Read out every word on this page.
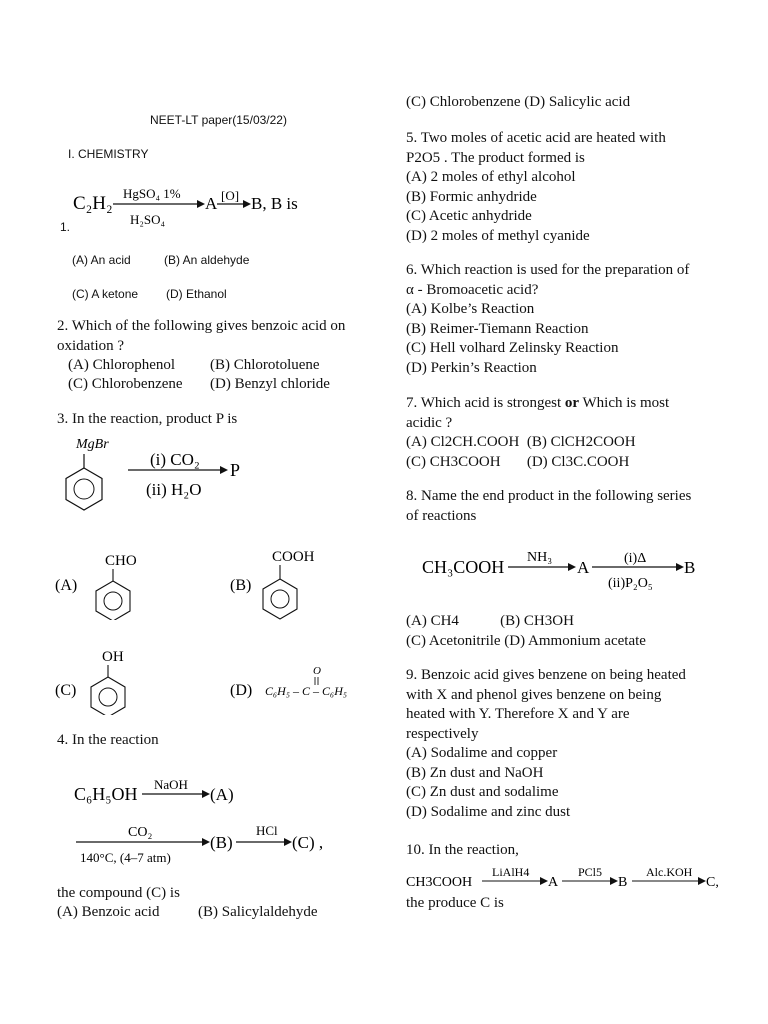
NEET-LT paper(15/03/22)
I. CHEMISTRY
C₂H₂ HgSO₄ 1%
H₂SO₄
A [O] B, B is
1.
(A) An acid	(B) An aldehyde
(C) A ketone (D) Ethanol
2. Which of the following gives benzoic acid on
oxidation ?
(A) Chlorophenol (B) Chlorotoluene
(C) Chlorobenzene (D) Benzyl chloride
3. In the reaction, product P is
MgBr
(i) CO₂
P
(ii) H₂O
(A)
CHO
(B)
COOH
(C)
OH
(D)
O
C₆H₅ – C – C₆H₅
4. In the reaction
C₆H₅OH NaOH
(A)
CO₂
140°C, (4–7 atm)
(B)
HCl
(C) ,
the compound (C) is
(A) Benzoic acid	(B) Salicylaldehyde
(C) Chlorobenzene (D) Salicylic acid
5. Two moles of acetic acid are heated with
P2O5 . The product formed is
(A) 2 moles of ethyl alcohol
(B) Formic anhydride
(C) Acetic anhydride
(D) 2 moles of methyl cyanide
6. Which reaction is used for the preparation of
α - Bromoacetic acid?
(A) Kolbe’s Reaction
(B) Reimer-Tiemann Reaction
(C) Hell volhard Zelinsky Reaction
(D) Perkin’s Reaction
7. Which acid is strongest or Which is most
acidic ?
(A) Cl2CH.COOH  (B) ClCH2COOH
(C) CH3COOH       (D) Cl3C.COOH
8. Name the end product in the following series
of reactions
CH₃COOH NH₃
A (i)Δ
(ii)P₂O₅
B
(A) CH4           (B) CH3OH
(C) Acetonitrile (D) Ammonium acetate
9. Benzoic acid gives benzene on being heated
with X and phenol gives benzene on being
heated with Y. Therefore X and Y are
respectively
(A) Sodalime and copper
(B) Zn dust and NaOH
(C) Zn dust and sodalime
(D) Sodalime and zinc dust
10. In the reaction,
CH3COOH
LiAlH4
A
PCl5
B
Alc.KOH
C,
the produce C is
